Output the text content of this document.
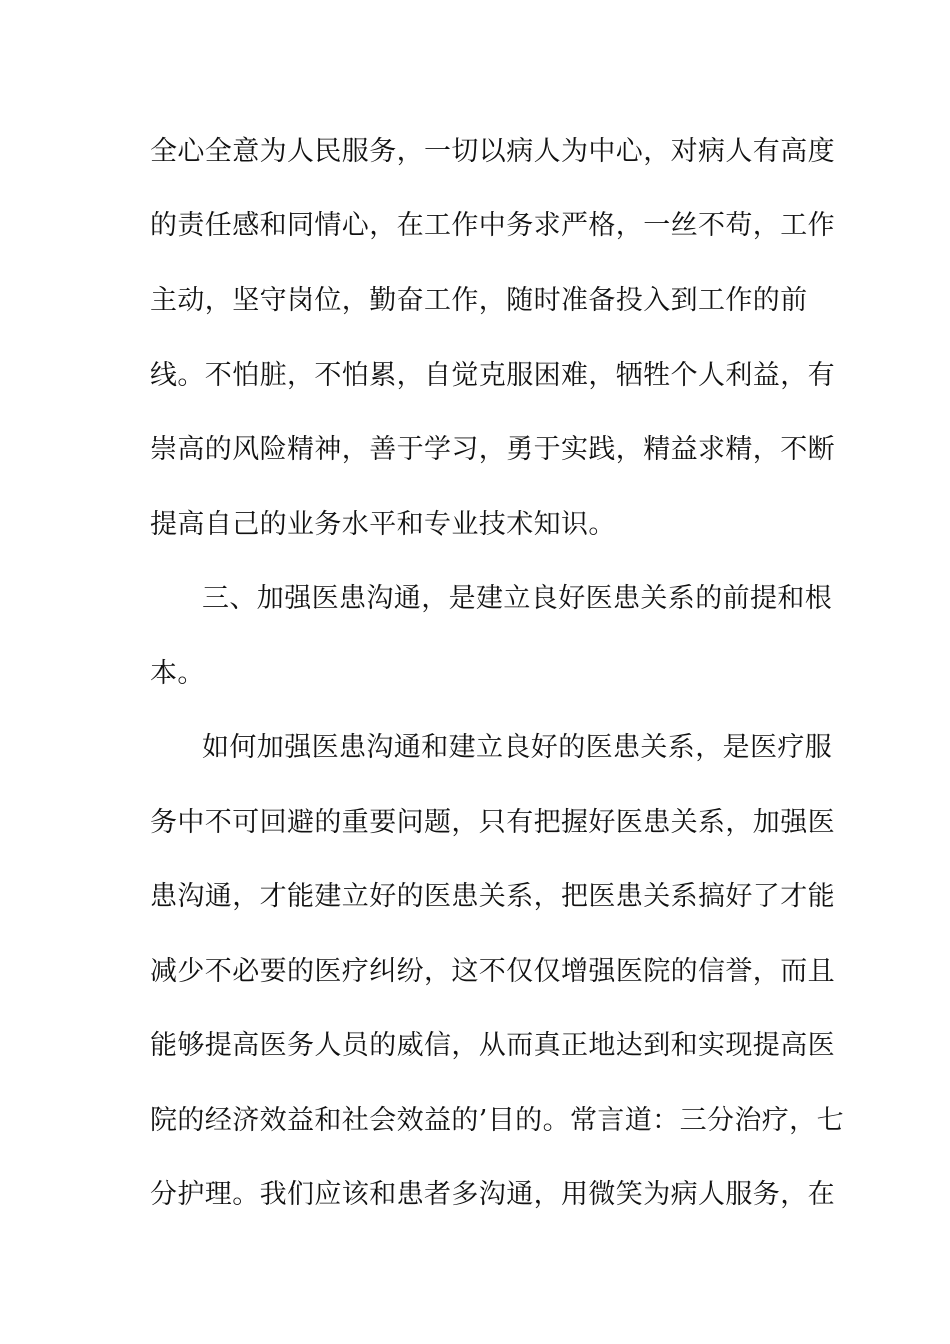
全心全意为人民服务，一切以病人为中心，对病人有高度

的责任感和同情心，在工作中务求严格，一丝不苟，工作

主动，坚守岗位，勤奋工作，随时准备投入到工作的前

线。不怕脏，不怕累，自觉克服困难，牺牲个人利益，有

崇高的风险精神，善于学习，勇于实践，精益求精，不断

提高自己的业务水平和专业技术知识。

三、加强医患沟通，是建立良好医患关系的前提和根

本。

如何加强医患沟通和建立良好的医患关系，是医疗服

务中不可回避的重要问题，只有把握好医患关系，加强医

患沟通，才能建立好的医患关系，把医患关系搞好了才能

减少不必要的医疗纠纷，这不仅仅增强医院的信誉，而且

能够提高医务人员的威信，从而真正地达到和实现提高医

院的经济效益和社会效益的’目的。常言道：三分治疗，七

分护理。我们应该和患者多沟通，用微笑为病人服务，在
